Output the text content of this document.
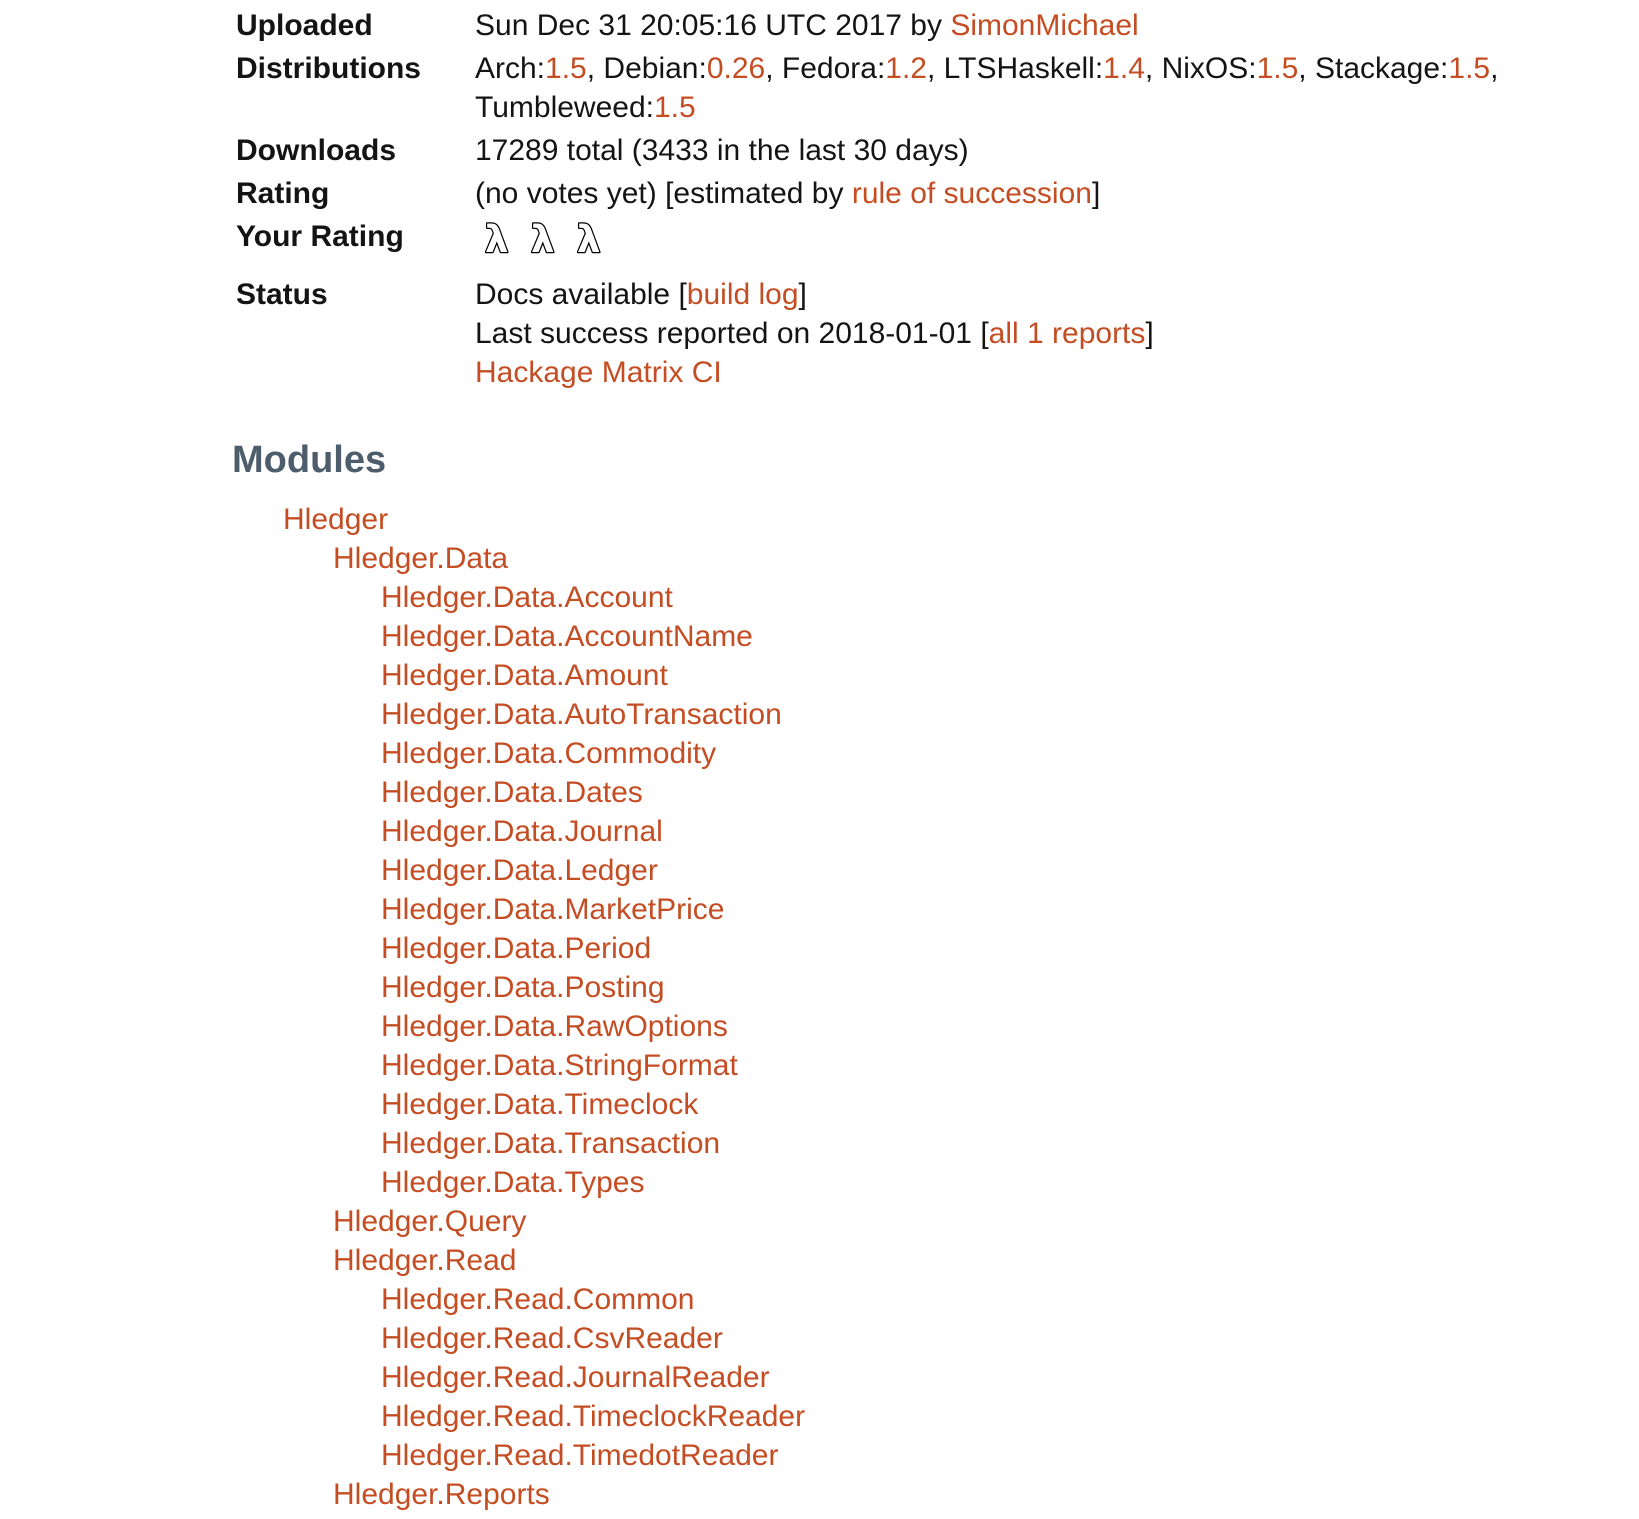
Uploaded	Sun Dec 31 20:05:16 UTC 2017 by SimonMichael
Distributions	Arch:1.5, Debian:0.26, Fedora:1.2, LTSHaskell:1.4, NixOS:1.5, Stackage:1.5,
Tumbleweed:1.5

Downloads	17289 total (3433 in the last 30 days)
Rating	(no votes yet) [estimated by rule of succession]
Your Rating	λ λ λ

Status	Docs available [build log]
Last success reported on 2018-01-01 [all 1 reports]
Hackage Matrix CI
Modules
Hledger
Hledger.Data
Hledger.Data.Account
Hledger.Data.AccountName
Hledger.Data.Amount
Hledger.Data.AutoTransaction
Hledger.Data.Commodity
Hledger.Data.Dates
Hledger.Data.Journal
Hledger.Data.Ledger
Hledger.Data.MarketPrice
Hledger.Data.Period
Hledger.Data.Posting
Hledger.Data.RawOptions
Hledger.Data.StringFormat
Hledger.Data.Timeclock
Hledger.Data.Transaction
Hledger.Data.Types
Hledger.Query
Hledger.Read
Hledger.Read.Common
Hledger.Read.CsvReader
Hledger.Read.JournalReader
Hledger.Read.TimeclockReader
Hledger.Read.TimedotReader
Hledger.Reports
